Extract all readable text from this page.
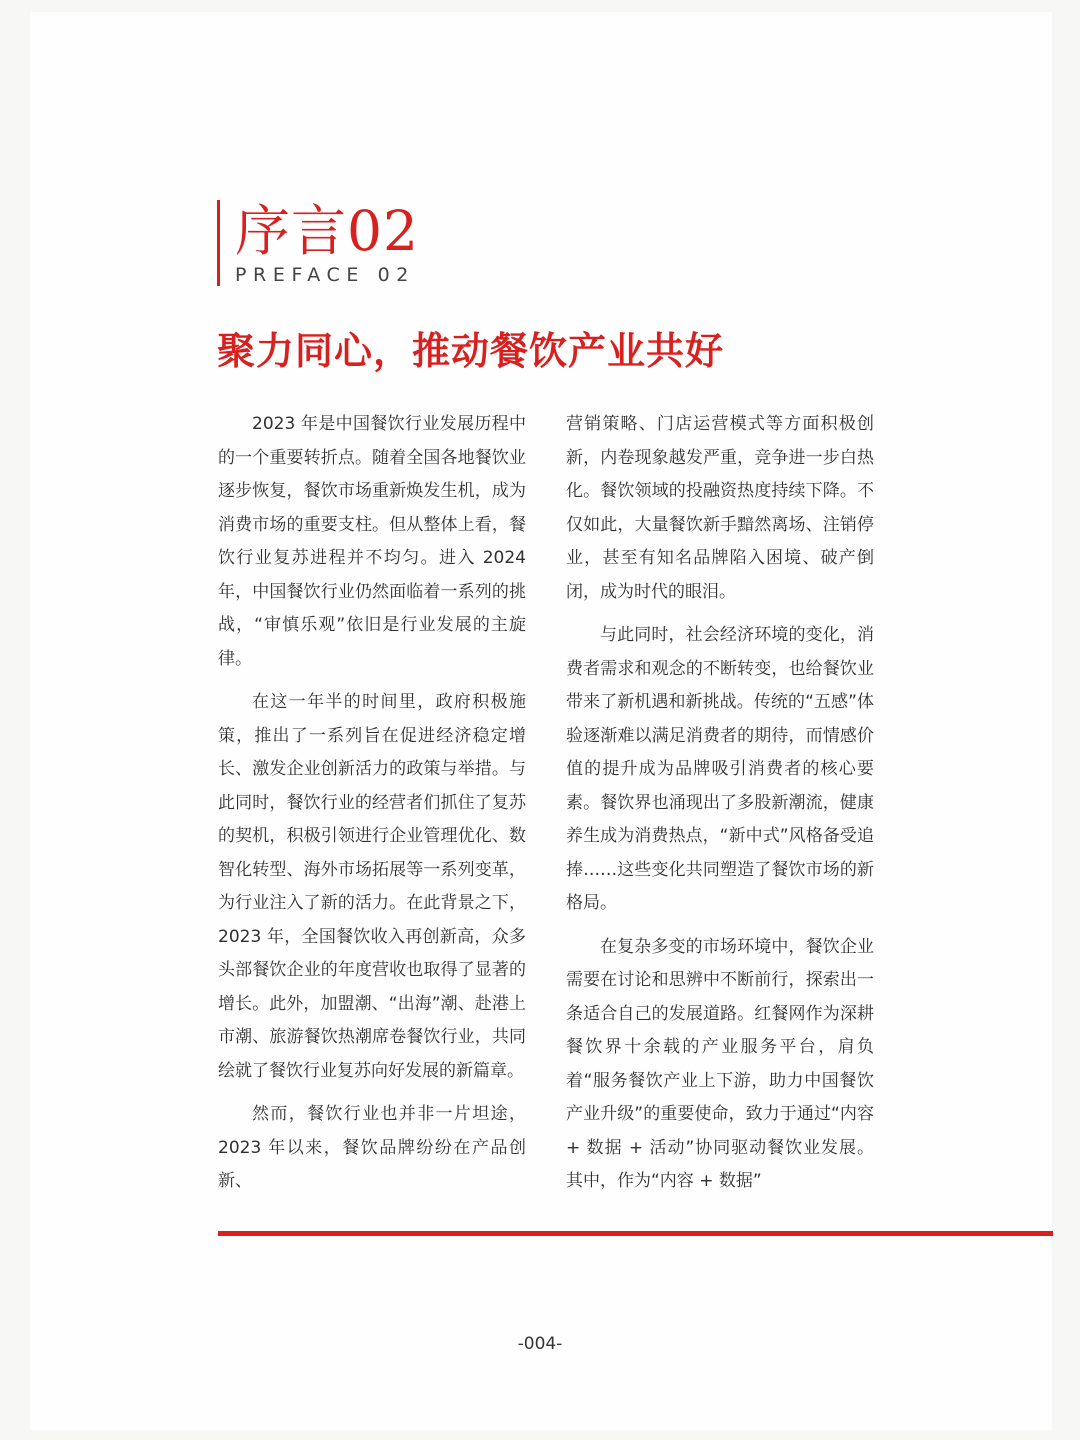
序言02
PREFACE 02
聚力同心，推动餐饮产业共好

2023 年是中国餐饮行业发展历程中的一个重要转折点。随着全国各地餐饮业逐步恢复，餐饮市场重新焕发生机，成为消费市场的重要支柱。但从整体上看，餐饮行业复苏进程并不均匀。进入 2024 年，中国餐饮行业仍然面临着一系列的挑战，“审慎乐观”依旧是行业发展的主旋律。

在这一年半的时间里，政府积极施策，推出了一系列旨在促进经济稳定增长、激发企业创新活力的政策与举措。与此同时，餐饮行业的经营者们抓住了复苏的契机，积极引领进行企业管理优化、数智化转型、海外市场拓展等一系列变革，为行业注入了新的活力。在此背景之下，2023 年，全国餐饮收入再创新高，众多头部餐饮企业的年度营收也取得了显著的增长。此外，加盟潮、“出海”潮、赴港上市潮、旅游餐饮热潮席卷餐饮行业，共同绘就了餐饮行业复苏向好发展的新篇章。

然而，餐饮行业也并非一片坦途，2023 年以来，餐饮品牌纷纷在产品创新、

营销策略、门店运营模式等方面积极创新，内卷现象越发严重，竞争进一步白热化。餐饮领域的投融资热度持续下降。不仅如此，大量餐饮新手黯然离场、注销停业，甚至有知名品牌陷入困境、破产倒闭，成为时代的眼泪。

与此同时，社会经济环境的变化，消费者需求和观念的不断转变，也给餐饮业带来了新机遇和新挑战。传统的“五感”体验逐渐难以满足消费者的期待，而情感价值的提升成为品牌吸引消费者的核心要素。餐饮界也涌现出了多股新潮流，健康养生成为消费热点，“新中式”风格备受追捧……这些变化共同塑造了餐饮市场的新格局。

在复杂多变的市场环境中，餐饮企业需要在讨论和思辨中不断前行，探索出一条适合自己的发展道路。红餐网作为深耕餐饮界十余载的产业服务平台，肩负着“服务餐饮产业上下游，助力中国餐饮产业升级”的重要使命，致力于通过“内容 + 数据 + 活动”协同驱动餐饮业发展。其中，作为“内容 + 数据”

-004-
